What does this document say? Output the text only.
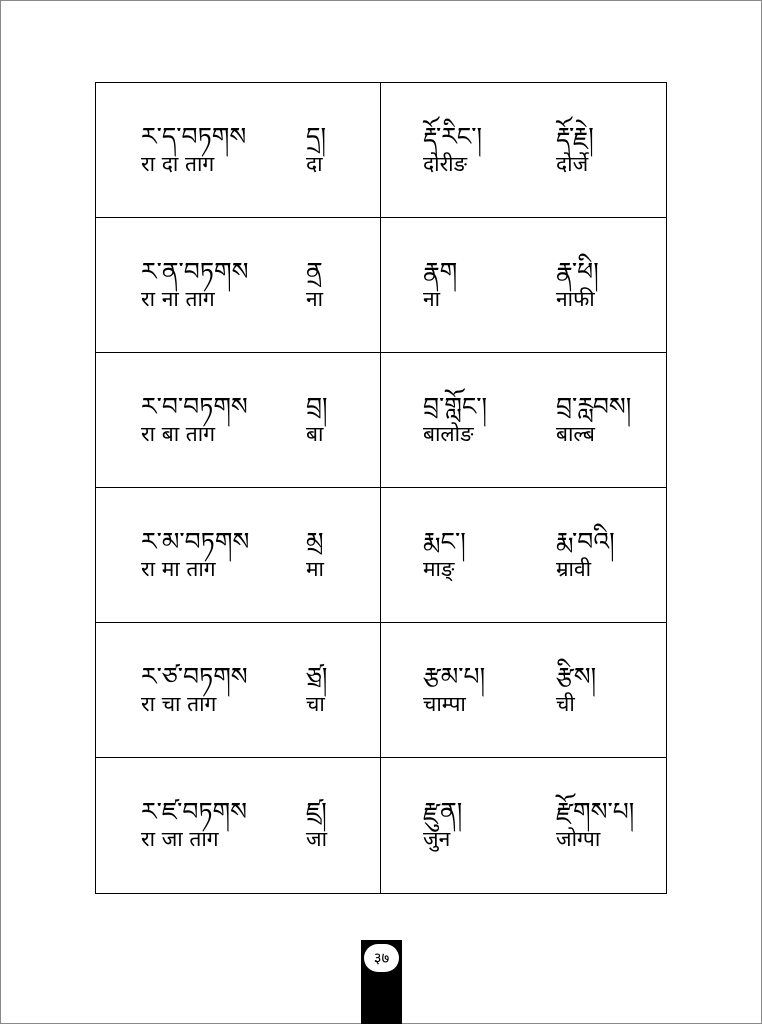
ར་ད་བཏགས
रा दा ताग
དྲ།
दा
རྡོ་རིང་།
दोरीङ
རྡོ་རྗེ།
दोर्जे
ར་ན་བཏགས
रा ना ताग
ནྲ
ना
རྣག
ना
རྣ་ཕི།
नाफी
ར་བ་བཏགས
रा बा ताग
བྲ།
बा
བྲ་གློང་།
बालोङ
བྲ་རླབས།
बाल्ब
ར་མ་བཏགས
रा मा ताग
མྲ
मा
རྨང་།
माङ्
རྨ་བའི།
म्रावी
ར་ཙ་བཏགས
रा चा ताग
ཙྲ།
चा
རྩམ་པ།
चाम्पा
རྩིས།
ची
ར་ཛ་བཏགས
रा जा ताग
ཛྲ།
जा
རྫུན།
जुन
རྫོགས་པ།
जोग्पा
३७
